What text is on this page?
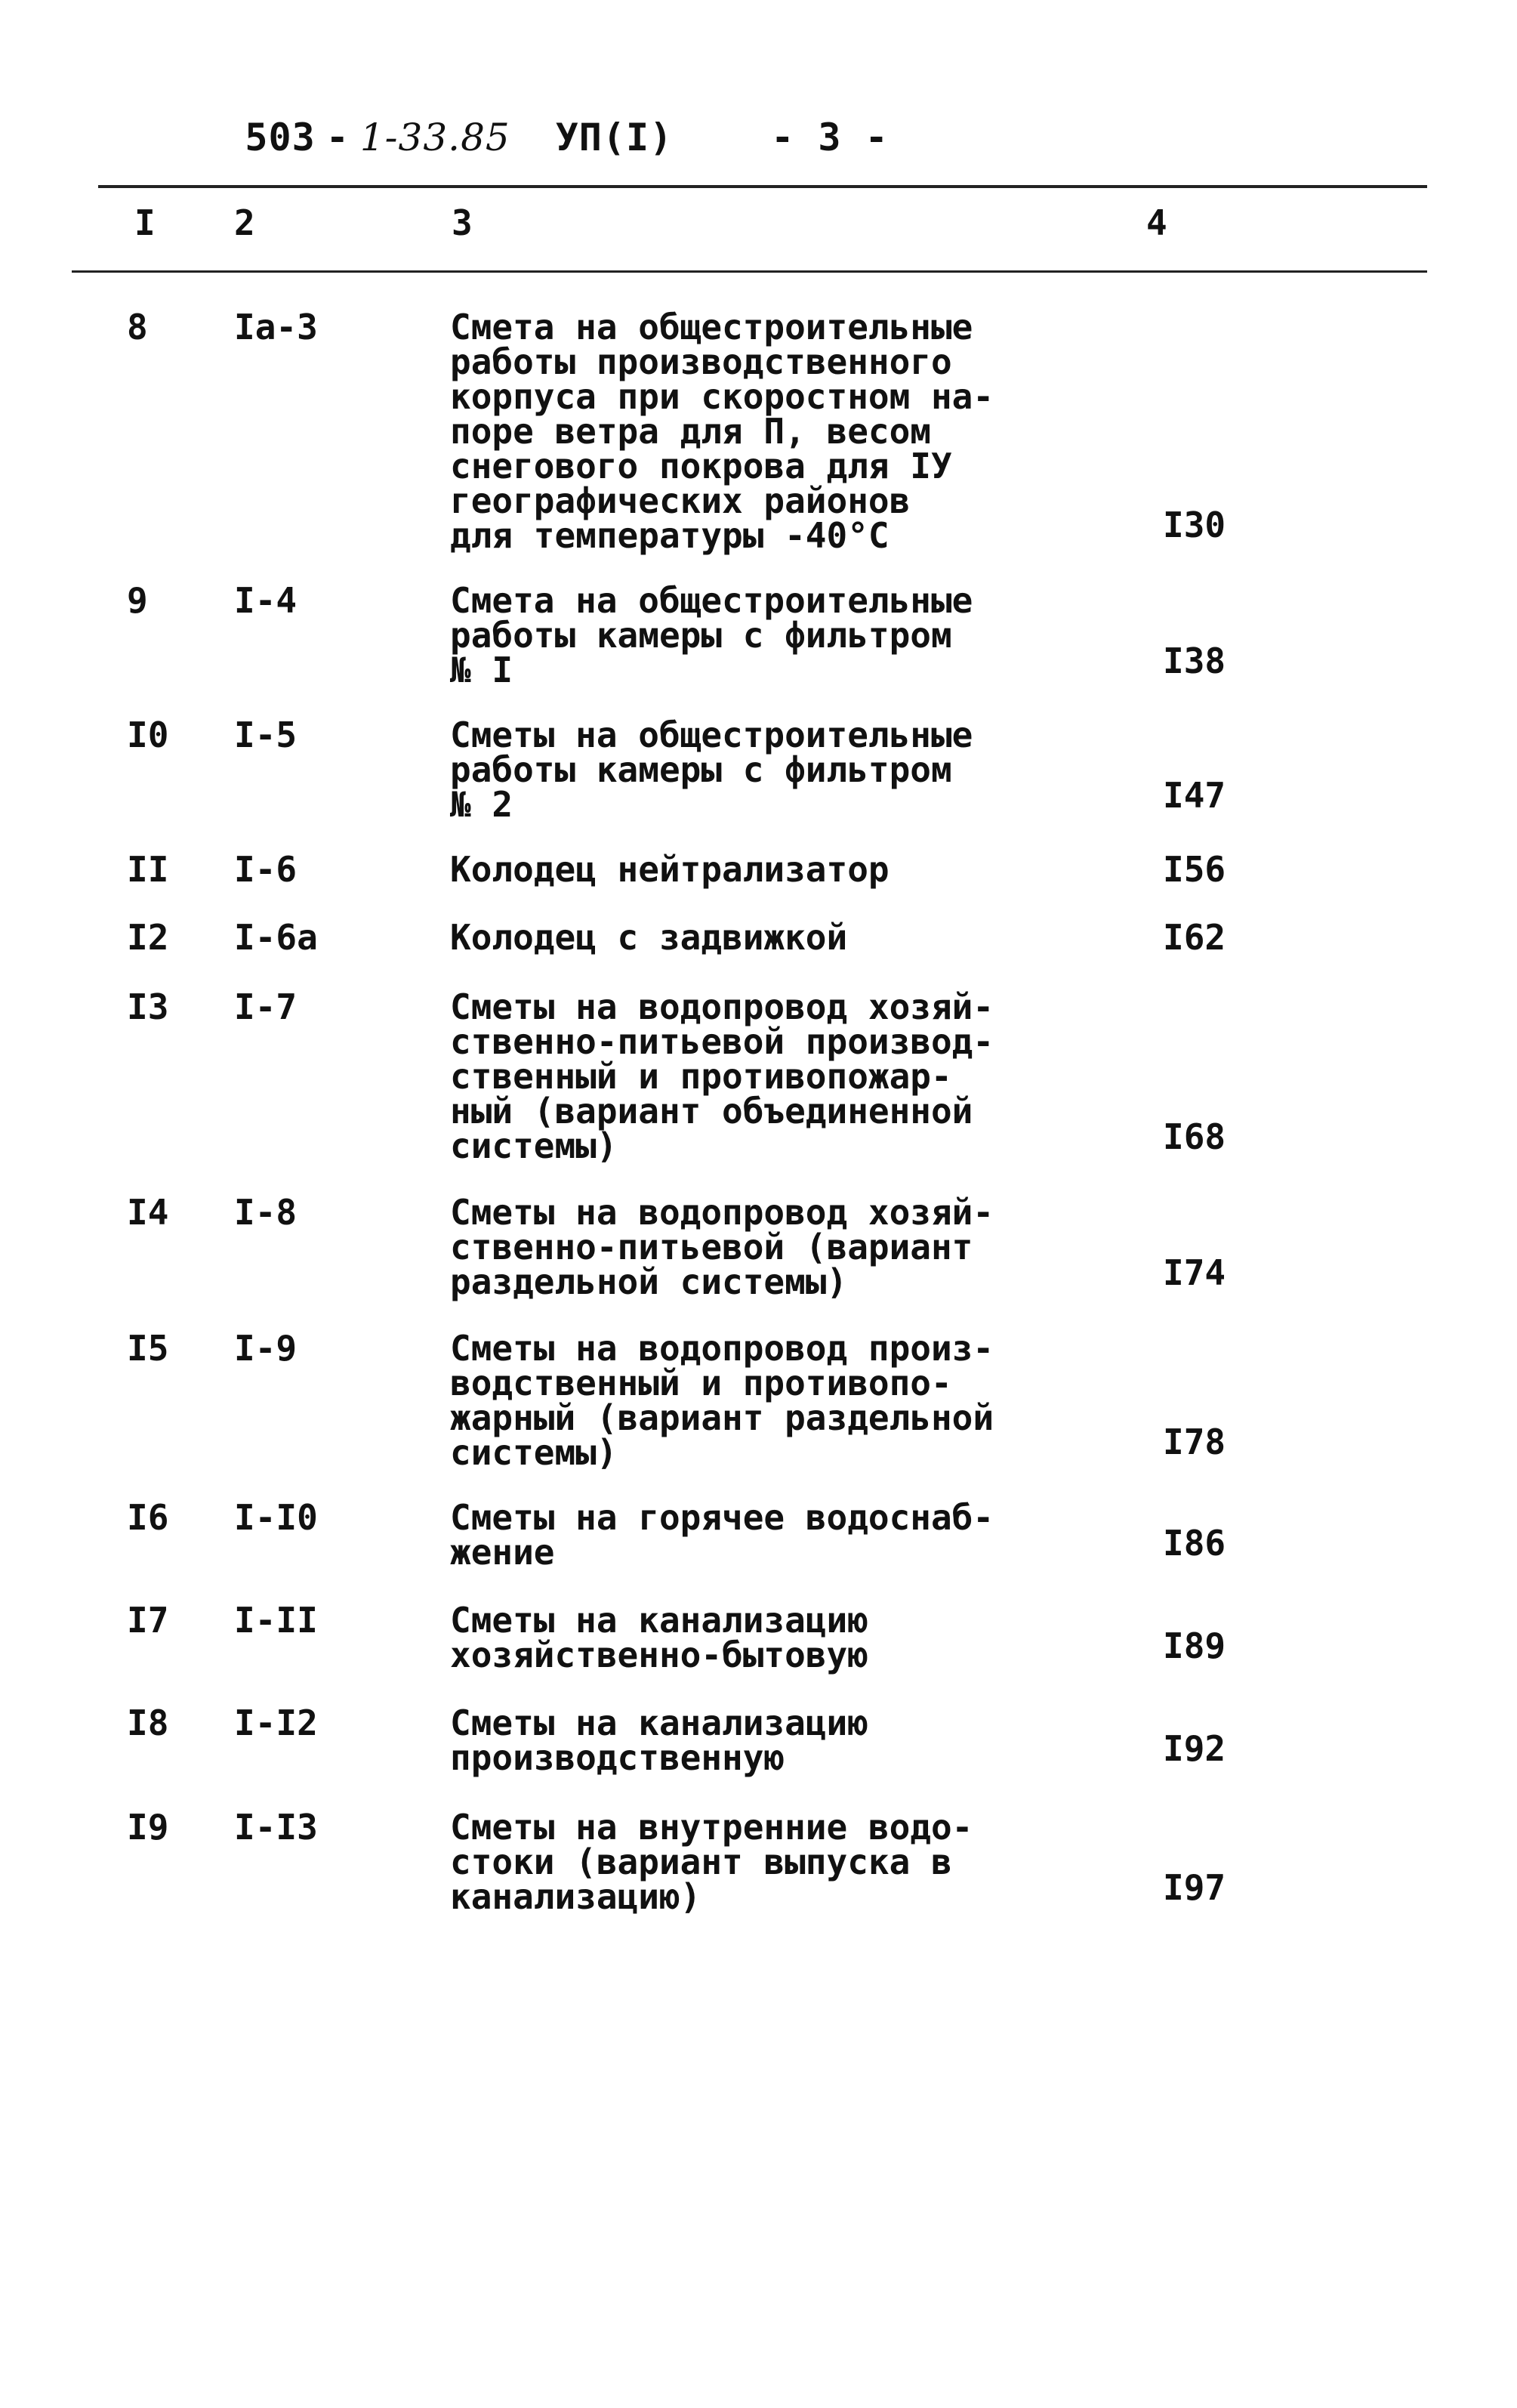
503 - 1-33.85 УП(I)	- 3 -

I 2	3	4
8 Iа-3	Смета на общестроительные
работы производственного
корпуса при скоростном на-
поре ветра для П, весом
снегового покрова для IУ
географических районов
для температуры -40°С	I30
9 I-4	Смета на общестроительные
работы камеры с фильтром
№ I	I38
I0 I-5	Сметы на общестроительные
работы камеры с фильтром
№ 2	I47
II I-6	Колодец нейтрализатор	I56
I2 I-6а	Колодец с задвижкой	I62
I3 I-7	Сметы на водопровод хозяй-
ственно-питьевой производ-
ственный и противопожар-
ный (вариант объединенной
системы)	I68
I4 I-8	Сметы на водопровод хозяй-
ственно-питьевой (вариант
раздельной системы)	I74
I5 I-9	Сметы на водопровод произ-
водственный и противопо-
жарный (вариант раздельной
системы)	I78
I6 I-I0	Сметы на горячее водоснаб-
жение	I86
I7 I-II	Сметы на канализацию
хозяйственно-бытовую	I89
I8 I-I2	Сметы на канализацию
производственную	I92
I9 I-I3	Сметы на внутренние водо-
стоки (вариант выпуска в
канализацию)	I97
